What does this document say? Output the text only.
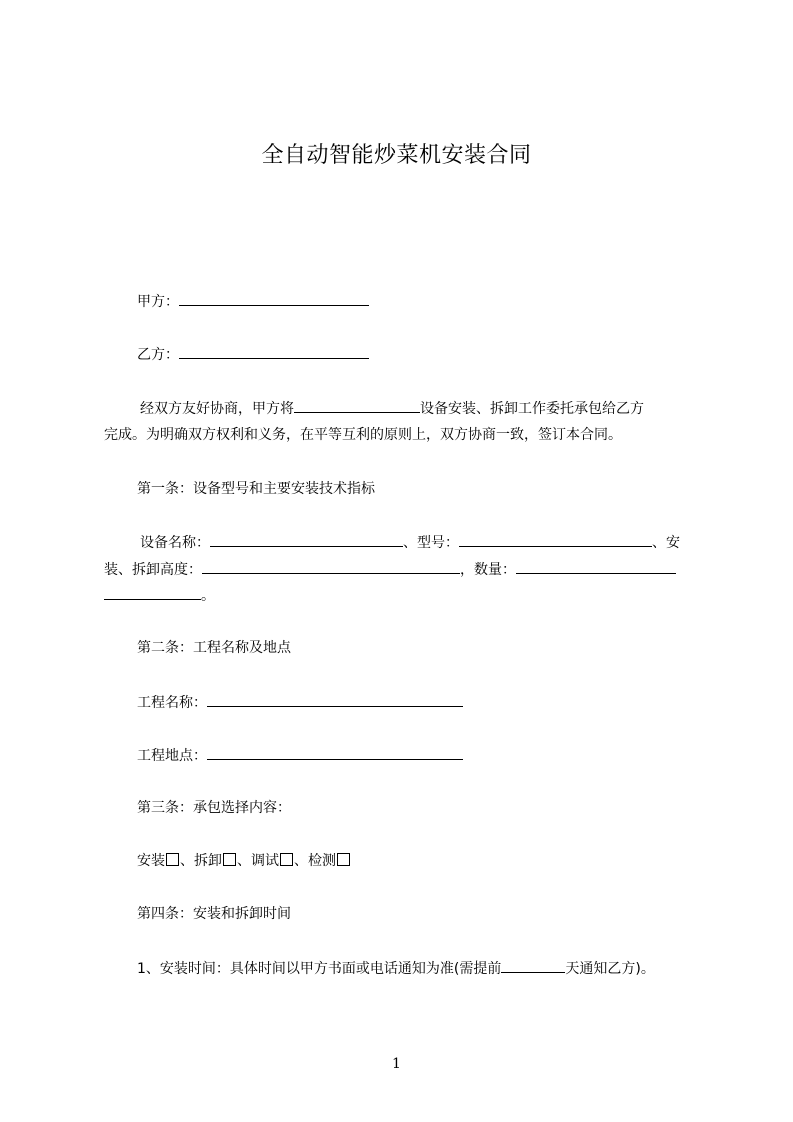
全自动智能炒菜机安装合同
甲方：
乙方：
经双方友好协商，甲方将	设备安装、拆卸工作委托承包给乙方
完成。为明确双方权利和义务，在平等互利的原则上，双方协商一致，签订本合同。
第一条：设备型号和主要安装技术指标
设备名称：	、型号：	、安
装、拆卸高度：	，数量：
。
第二条：工程名称及地点
工程名称：
工程地点：
第三条：承包选择内容：
安装 、拆卸 、调试 、检测
第四条：安装和拆卸时间
1、安装时间：具体时间以甲方书面或电话通知为准(需提前	天通知乙方)。
1
